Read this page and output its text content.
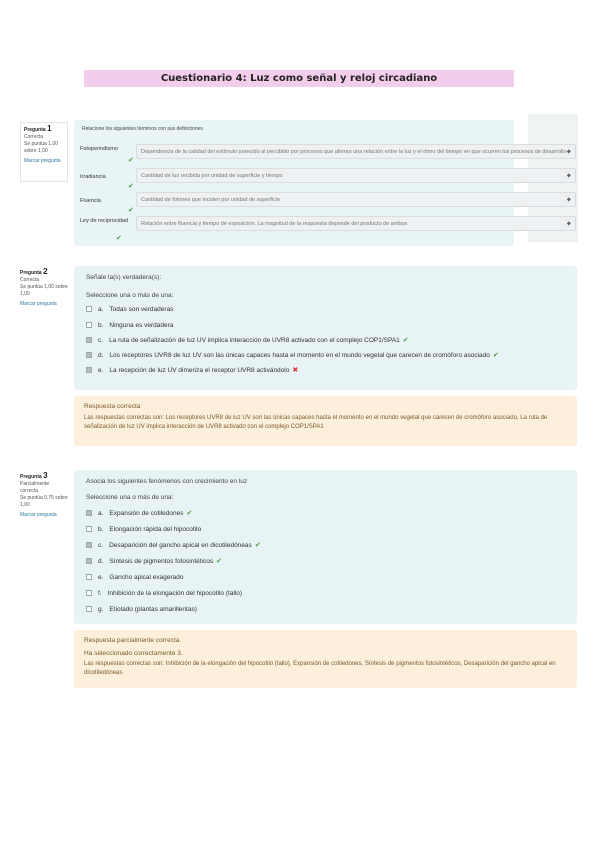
Cuestionario 4: Luz como señal y reloj circadiano
Pregunta 1
Correcta
Se puntúa 1,00 sobre 1,00
Marcar pregunta
Relacione los siguientes términos con sus definiciones
Fotoperiodismo
✔
Dependencia de la calidad del estímulo parecido al percibido por procesos que alteran una relación entre la luz y el ritmo del tiempo en que ocurren los procesos de desarrollo ⬥
Irradiancia
✔
Cantidad de luz recibida por unidad de superficie y tiempo	⬥
Fluencia
✔
Cantidad de fotones que inciden por unidad de superficie	⬥
Ley de reciprocidad
✔
Relación entre fluencia y tiempo de exposición. La magnitud de la respuesta depende del producto de ambos	⬥
Pregunta 2
Correcta
Se puntúa 1,00 sobre 1,00
Marcar pregunta
Señale la(s) verdadera(s):
Seleccione una o más de una:
a. Todas son verdaderas
b. Ninguna es verdadera
c. La ruta de señalización de luz UV implica interacción de UVR8 activado con el complejo COP1/SPA1 ✔
d. Los receptores UVR8 de luz UV son las únicas capaces hasta el momento en el mundo vegetal que carecen de cromóforo asociado ✔
e. La recepción de luz UV dimeriza el receptor UVR8 activándolo ✖
Respuesta correcta
Las respuestas correctas son: Los receptores UVR8 de luz UV son las únicas capaces hasta el momento en el mundo vegetal que carecen de cromóforo asociado, La ruta de señalización de luz UV implica interacción de UVR8 activado con el complejo COP1/SPA1
Pregunta 3
Parcialmente correcta
Se puntúa 0,75 sobre 1,00
Marcar pregunta
Asocia los siguientes fenómenos con crecimiento en luz
Seleccione una o más de una:
a. Expansión de cotiledones ✔
b. Elongación rápida del hipocotilo
c. Desaparición del gancho apical en dicotiledóneas ✔
d. Síntesis de pigmentos fotosintéticos ✔
e. Gancho apical exagerado
f. Inhibición de la elongación del hipocotilo (tallo)
g. Etiolado (plantas amarillentas)
Respuesta parcialmente correcta.
Ha seleccionado correctamente 3.
Las respuestas correctas son: Inhibición de la elongación del hipocotilo (tallo), Expansión de cotiledones, Síntesis de pigmentos fotosintéticos, Desaparición del gancho apical en dicotiledóneas
